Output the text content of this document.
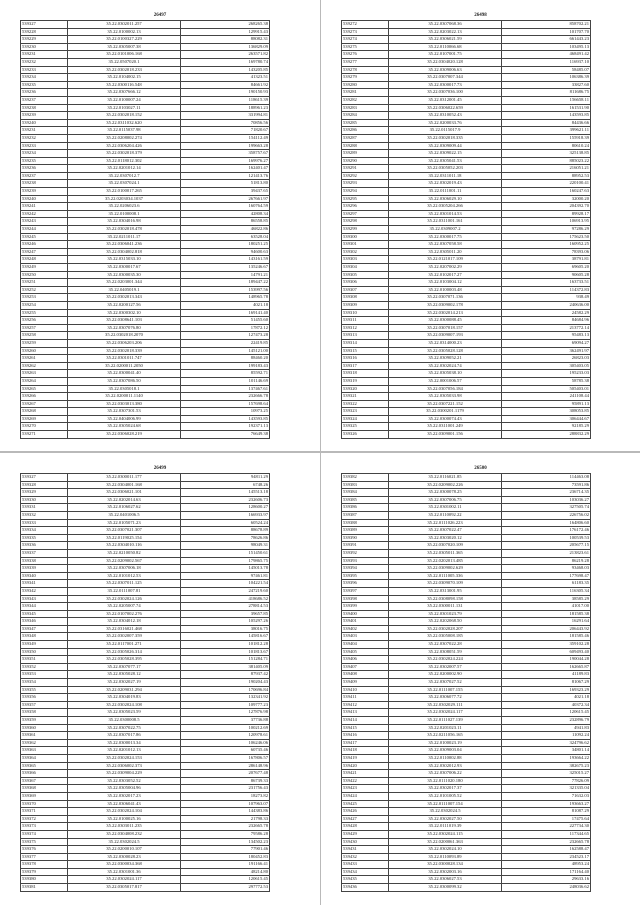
26497
539327	35.22.0302011.257	268265.38
539228	35.22.0100002.13	129915.43
539229	35.22.0100327.229	88082.31
539230	35.22.0305007.38	136829.09
539231	35.22.0101006.168	263571.82
539232	35.22.0507020.1	169780.74
539233	35.22.0302018.233	143205.85
539234	35.22.0104002.15	41323.51
539235	35.22.0300116.548	84661.92
539236	35.22.0307666.12	190150.93
539237	35.22.0100007.24	118615.39
539238	35.22.0103027.11	188961.23
539239	35.22.0302018.152	331994.81
539240	35.22.0311032.620	70856.56
539231	35.22.0115037.98	71820.67
539232	35.22.0208002.274	154112.49
539233	35.22.0306204.426	199663.28
539234	35.22.0302018.379	358757.67
539235	35.22.0118012.302	169976.27
539236	35.22.0201012.14	162401.47
539237	35.22.0307012.7	121413.76
539238	35.22.0307024.1	51813.80
539239	35.22.0100017.265	39437.65
539240	35.22.0203034.1037	267661.97
539241	35.22.0206023.6	160764.59
539242	35.22.0100008.1	42808.34
539243	35.22.0304016.98	86558.85
539244	35.22.0302018.478	46822.86
539245	35.22.0211011.17	63528.04
539246	35.22.0306041.236	180251.25
539247	35.22.0304002.818	94600.63
539248	35.22.0315033.10	143161.59
539249	35.22.0300017.67	135246.67
539250	35.22.0300035.30	14791.21
539251	35.22.0203001.344	189447.22
539252	35.22.0405019.1	153997.56
539253	35.22.0302013.343	148965.78
539254	35.22.0200127.56	4021.18
539255	35.22.0300302.10	169141.40
539256	35.22.0308641.103	51455.60
539257	35.22.0307076.80	17872.12
539258	35.22.0302018.2070	127473.28
539259	35.22.0306203.206	22419.85
539260	35.22.0302018.339	145121.00
539261	35.22.0301011.747	88460.20
539262	35.22.0200011.2050	199183.43
539263	35.22.0300041.40	85592.71
539264	35.22.0307086.50	101146.69
539265	35.22.0305018.1	137467.61
539266	35.22.0200011.1140	232666.78
539267	35.22.0303013.380	157698.64
539268	35.22.0307301.53	10973.25
539269	35.22.0404006.99	143593.85
539270	35.22.0305024.68	192371.13
539271	35.22.0306028.219	76649.38
26498
539272	35.22.0307068.36	858702.21
539273	35.22.0203022.13	101707.70
539274	35.22.0306021.59	661443.23
539275	35.22.0110066.68	103495.13
539276	35.22.0107001.75	468491.42
539277	35.22.0304020.128	116937.10
539278	35.22.0309006.63	58485.07
539279	35.22.0307007.344	106386.39
539280	35.22.0300017.73	33827.60
539281	35.22.0307036.100	811686.75
539282	35.22.0312001.45	156658.11
539283	35.22.0306022.659	161531.90
539284	35.22.0310052.43	143593.85
539285	35.22.0200033.76	84436.66
539286	35.22.0115017.9	399621.11
539287	35.22.0302018.335	155918.39
539288	35.22.0309009.44	80610.24
539289	35.22.0309022.15	325138.85
539290	35.22.0305041.53	885023.22
539291	35.22.0305052.203	216051.21
539292	35.22.0311011.18	88952.53
539293	35.22.0302019.43	220100.41
539294	35.22.0111001.11	160247.63
539295	35.22.0306029.10	32000.20
539296	35.22.0305204.266	204392.70
539297	35.22.0301014.53	89928.17
539298	35.22.0311001.161	106913.95
539299	35.22.0309007.2	97286.29
539300	35.22.0300017.75	175623.50
539301	35.22.0307058.58	160952.25
539302	35.22.0305011.20	78393.06
539303	35.22.0121017.109	38791.81
539304	35.22.0207002.29	69605.20
539305	35.22.0102017.27	90605.28
539306	35.22.0103004.12	163733.51
539307	35.22.0100003.48	114372.83
539308	35.22.0307071.136	938.49
539309	35.22.0309002.178	240636.00
539310	35.22.0302014.213	24582.29
539311	35.22.0300088.45	84684.96
539312	35.22.0307018.157	213772.14
539313	35.22.0309007.193	95483.13
539314	35.22.0314000.23	69094.27
539315	35.22.0305028.128	362491.97
539316	35.22.0309052.21	26823.03
539317	35.22.0302024.74	305403.05
539318	35.22.0305038.10	195233.03
539319	35.22.0001006.57	58785.38
539320	35.22.0307056.184	505403.01
539321	35.22.0305033.98	241108.44
539322	35.22.0307221.152	95891.13
539323	35.22.0300201.1179	308053.85
539324	35.22.0300074.43	306444.67
539325	35.22.0311001.249	92185.29
539326	35.22.0309001.156	288832.29
26499
539327	35.22.0300011.177	94811.29
539328	35.22.0304001.168	6748.26
539329	35.22.0306021.101	145513.18
539330	35.22.0202014.63	232606.73
539331	35.22.0106027.62	128600.27
539332	35.22.0401006.5	166933.97
539333	35.22.0105071.23	60524.24
539334	35.22.0307021.307	88678.89
539335	35.22.0119025.154	78626.86
539336	35.22.0304010.116	98049.31
539337	35.22.0210050.82	151450.61
539338	35.22.0209002.567	179865.75
539339	35.22.0307006.18	145013.78
539340	35.22.0101012.53	97461.81
539341	35.22.0307011.125	104221.54
539342	35.22.0111007.81	247219.60
539343	35.22.0302024.126	418686.52
539344	35.22.0205007.74	278814.53
539345	35.22.0107002.276	39657.85
539346	35.22.0304012.18	105297.26
539347	35.22.0316021.468	38016.75
539348	35.22.0302007.359	145816.67
539349	35.22.0117001.271	101812.28
539350	35.22.0305026.314	101813.67
539351	35.22.0305028.395	151284.71
539352	35.22.0307077.17	381405.09
539353	35.22.0305028.12	87937.42
539354	35.22.0302027.19	190204.43
539355	35.22.0209031.294	170696.84
539356	35.22.0304019.83	132341.92
539357	35.22.0302024.108	109777.23
539358	35.22.0305023.59	127876.98
539359	35.22.0300008.5	37736.88
539360	35.22.0307022.75	100212.69
539361	35.22.0307017.86	120978.61
539362	35.22.0300013.34	106246.06
539363	35.22.0201012.13	60735.46
539364	35.22.0302024.153	167806.57
539365	35.22.0306002.373	286148.96
539366	35.22.0309004.229	207677.48
539367	35.22.0303052.52	86739.33
539368	35.22.0305004.96	231756.43
539369	35.22.0302017.23	18273.82
539370	35.22.0306041.43	107963.07
539371	35.22.0302024.104	144383.86
539372	35.22.0100025.16	21798.33
539373	35.22.0303011.235	232665.78
539374	35.22.0304008.232	79586.28
539375	35.22.0302024.5	134502.23
539376	35.22.0200010.107	77901.46
539377	35.22.0300028.23	180452.83
539378	35.22.0300034.368	191166.41
539379	35.22.0301001.36	48214.80
539380	35.22.0302024.117	120615.45
539381	35.22.0305017.817	297772.53
26500
539382	35.22.0116021.85	114463.08
539383	35.22.0209002.226	73591.86
539384	35.22.0300078.25	236714.35
539385	35.22.0307006.75	103036.27
539386	35.22.0301002.11	327505.74
539387	35.22.0110092.22	226756.02
539388	35.22.0111026.223	164806.60
539389	35.22.0307022.47	176172.46
539390	35.22.0303020.12	100539.53
539391	35.22.0307020.109	205677.15
539392	35.22.0305011.365	213823.61
539393	35.22.0202013.485	86219.28
539394	35.22.0309002.629	93468.03
539395	35.22.0111005.336	177698.47
539396	35.22.0309070.109	61183.35
539397	35.22.0313001.95	116305.34
539398	35.22.0308098.158	38585.29
539399	35.22.0300011.131	41017.00
539400	35.22.0301023.79	181585.38
539401	35.22.0202068.50	16291.64
539402	35.22.0302028.207	206443.92
539403	35.22.0305008.185	181585.46
539404	35.22.0307022.28	359102.28
539405	35.22.0308051.59	609493.40
539406	35.22.0302024.224	190044.28
539407	35.22.0302007.57	162665.87
539408	35.22.0200002.90	41189.83
539409	35.22.0307027.52	81067.29
539410	35.22.0111007.155	169323.29
539411	35.22.0306077.72	4021.18
539412	35.22.0302029.111	40372.34
539413	35.22.0302024.117	120615.45
539414	35.22.0111027.139	232896.79
539415	35.22.0201023.11	4941.83
539416	35.22.0211056.165	11092.24
539417	35.22.0100023.19	324796.62
539418	35.22.0309003.04	34801.14
539419	35.22.0110002.88	193664.22
539420	35.22.0302012.93	382675.23
539421	35.22.0307006.22	325015.27
539422	35.22.0111020.180	77826.09
539423	35.22.0302017.37	321335.04
539424	35.22.0101005.52	71632.03
539425	35.22.0111007.154	193663.27
539426	35.22.0302024.5	81087.29
539427	35.22.0302027.50	17475.64
539428	35.22.0111019.39	227734.30
539429	35.22.0302024.115	117344.65
539430	35.22.0200061.363	232665.78
539431	35.22.0302024.10	162588.47
539432	35.22.0110093.89	234523.17
539433	35.22.0300028.134	48953.24
539434	35.22.0302003.16	171164.40
539435	35.22.0306027.53	29633.16
539436	35.22.0300099.32	248036.62
